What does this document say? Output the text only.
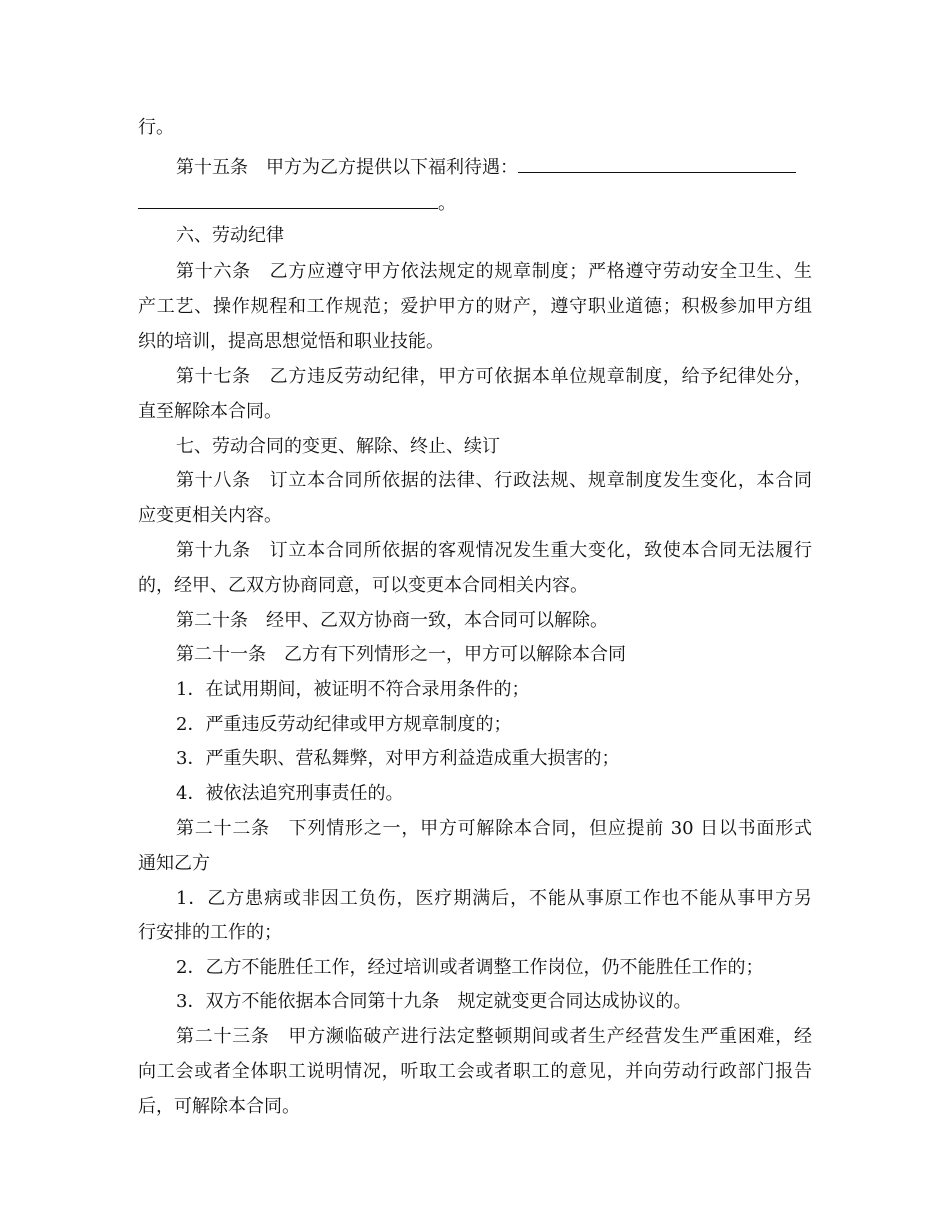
行。
第十五条　甲方为乙方提供以下福利待遇：
。
六、劳动纪律
第十六条　乙方应遵守甲方依法规定的规章制度；严格遵守劳动安全卫生、生
产工艺、操作规程和工作规范；爱护甲方的财产，遵守职业道德；积极参加甲方组
织的培训，提高思想觉悟和职业技能。
第十七条　乙方违反劳动纪律，甲方可依据本单位规章制度，给予纪律处分，
直至解除本合同。
七、劳动合同的变更、解除、终止、续订
第十八条　订立本合同所依据的法律、行政法规、规章制度发生变化，本合同
应变更相关内容。
第十九条　订立本合同所依据的客观情况发生重大变化，致使本合同无法履行
的，经甲、乙双方协商同意，可以变更本合同相关内容。
第二十条　经甲、乙双方协商一致，本合同可以解除。
第二十一条　乙方有下列情形之一，甲方可以解除本合同
1．在试用期间，被证明不符合录用条件的；
2．严重违反劳动纪律或甲方规章制度的；
3．严重失职、营私舞弊，对甲方利益造成重大损害的；
4．被依法追究刑事责任的。
第二十二条　下列情形之一，甲方可解除本合同，但应提前 30 日以书面形式
通知乙方
1．乙方患病或非因工负伤，医疗期满后，不能从事原工作也不能从事甲方另
行安排的工作的；
2．乙方不能胜任工作，经过培训或者调整工作岗位，仍不能胜任工作的；
3．双方不能依据本合同第十九条　规定就变更合同达成协议的。
第二十三条　甲方濒临破产进行法定整顿期间或者生产经营发生严重困难，经
向工会或者全体职工说明情况，听取工会或者职工的意见，并向劳动行政部门报告
后，可解除本合同。
